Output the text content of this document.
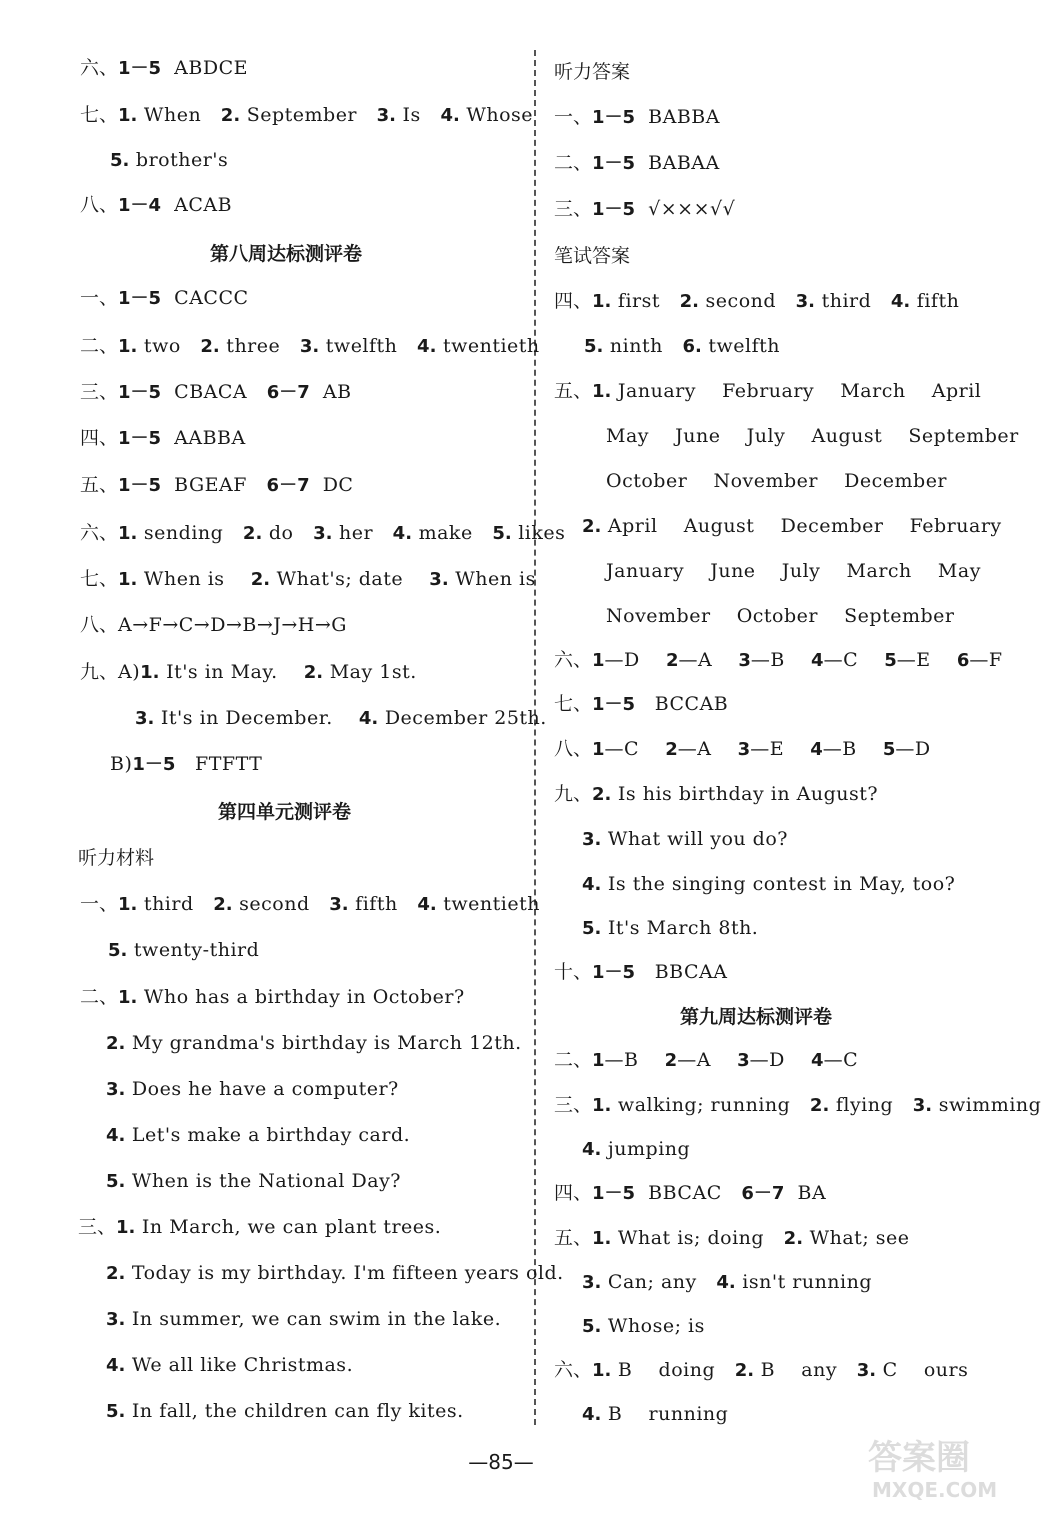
六、1－5  ABDCE
七、1. When   2. September   3. Is   4. Whose
5. brother's
八、1－4  ACAB
第八周达标测评卷
一、1－5  CACCC
二、1. two   2. three   3. twelfth   4. twentieth
三、1－5  CBACA   6－7  AB
四、1－5  AABBA
五、1－5  BGEAF   6－7  DC
六、1. sending   2. do   3. her   4. make   5. likes
七、1. When is    2. What's; date    3. When is
八、A→F→C→D→B→J→H→G
九、A)1. It's in May.    2. May 1st.
3. It's in December.    4. December 25th.
B)1－5   FTFTT
第四单元测评卷
听力材料
一、1. third   2. second   3. fifth   4. twentieth
5. twenty-third
二、1. Who has a birthday in October?
2. My grandma's birthday is March 12th.
3. Does he have a computer?
4. Let's make a birthday card.
5. When is the National Day?
三、1. In March, we can plant trees.
2. Today is my birthday. I'm fifteen years old.
3. In summer, we can swim in the lake.
4. We all like Christmas.
5. In fall, the children can fly kites.
听力答案
一、1－5  BABBA
二、1－5  BABAA
三、1－5  √×××√√
笔试答案
四、1. first   2. second   3. third   4. fifth
5. ninth   6. twelfth
五、1. January    February    March    April
May    June    July    August    September
October    November    December
2. April    August    December    February
January    June    July    March    May
November    October    September
六、1—D    2—A    3—B    4—C    5—E    6—F
七、1－5   BCCAB
八、1—C    2—A    3—E    4—B    5—D
九、2. Is his birthday in August?
3. What will you do?
4. Is the singing contest in May, too?
5. It's March 8th.
十、1－5   BBCAA
第九周达标测评卷
二、1—B    2—A    3—D    4—C
三、1. walking; running   2. flying   3. swimming
4. jumping
四、1－5  BBCAC   6－7  BA
五、1. What is; doing   2. What; see
3. Can; any   4. isn't running
5. Whose; is
六、1. B    doing   2. B    any   3. C    ours
4. B    running
—85—	答案圈
MXQE.COM
